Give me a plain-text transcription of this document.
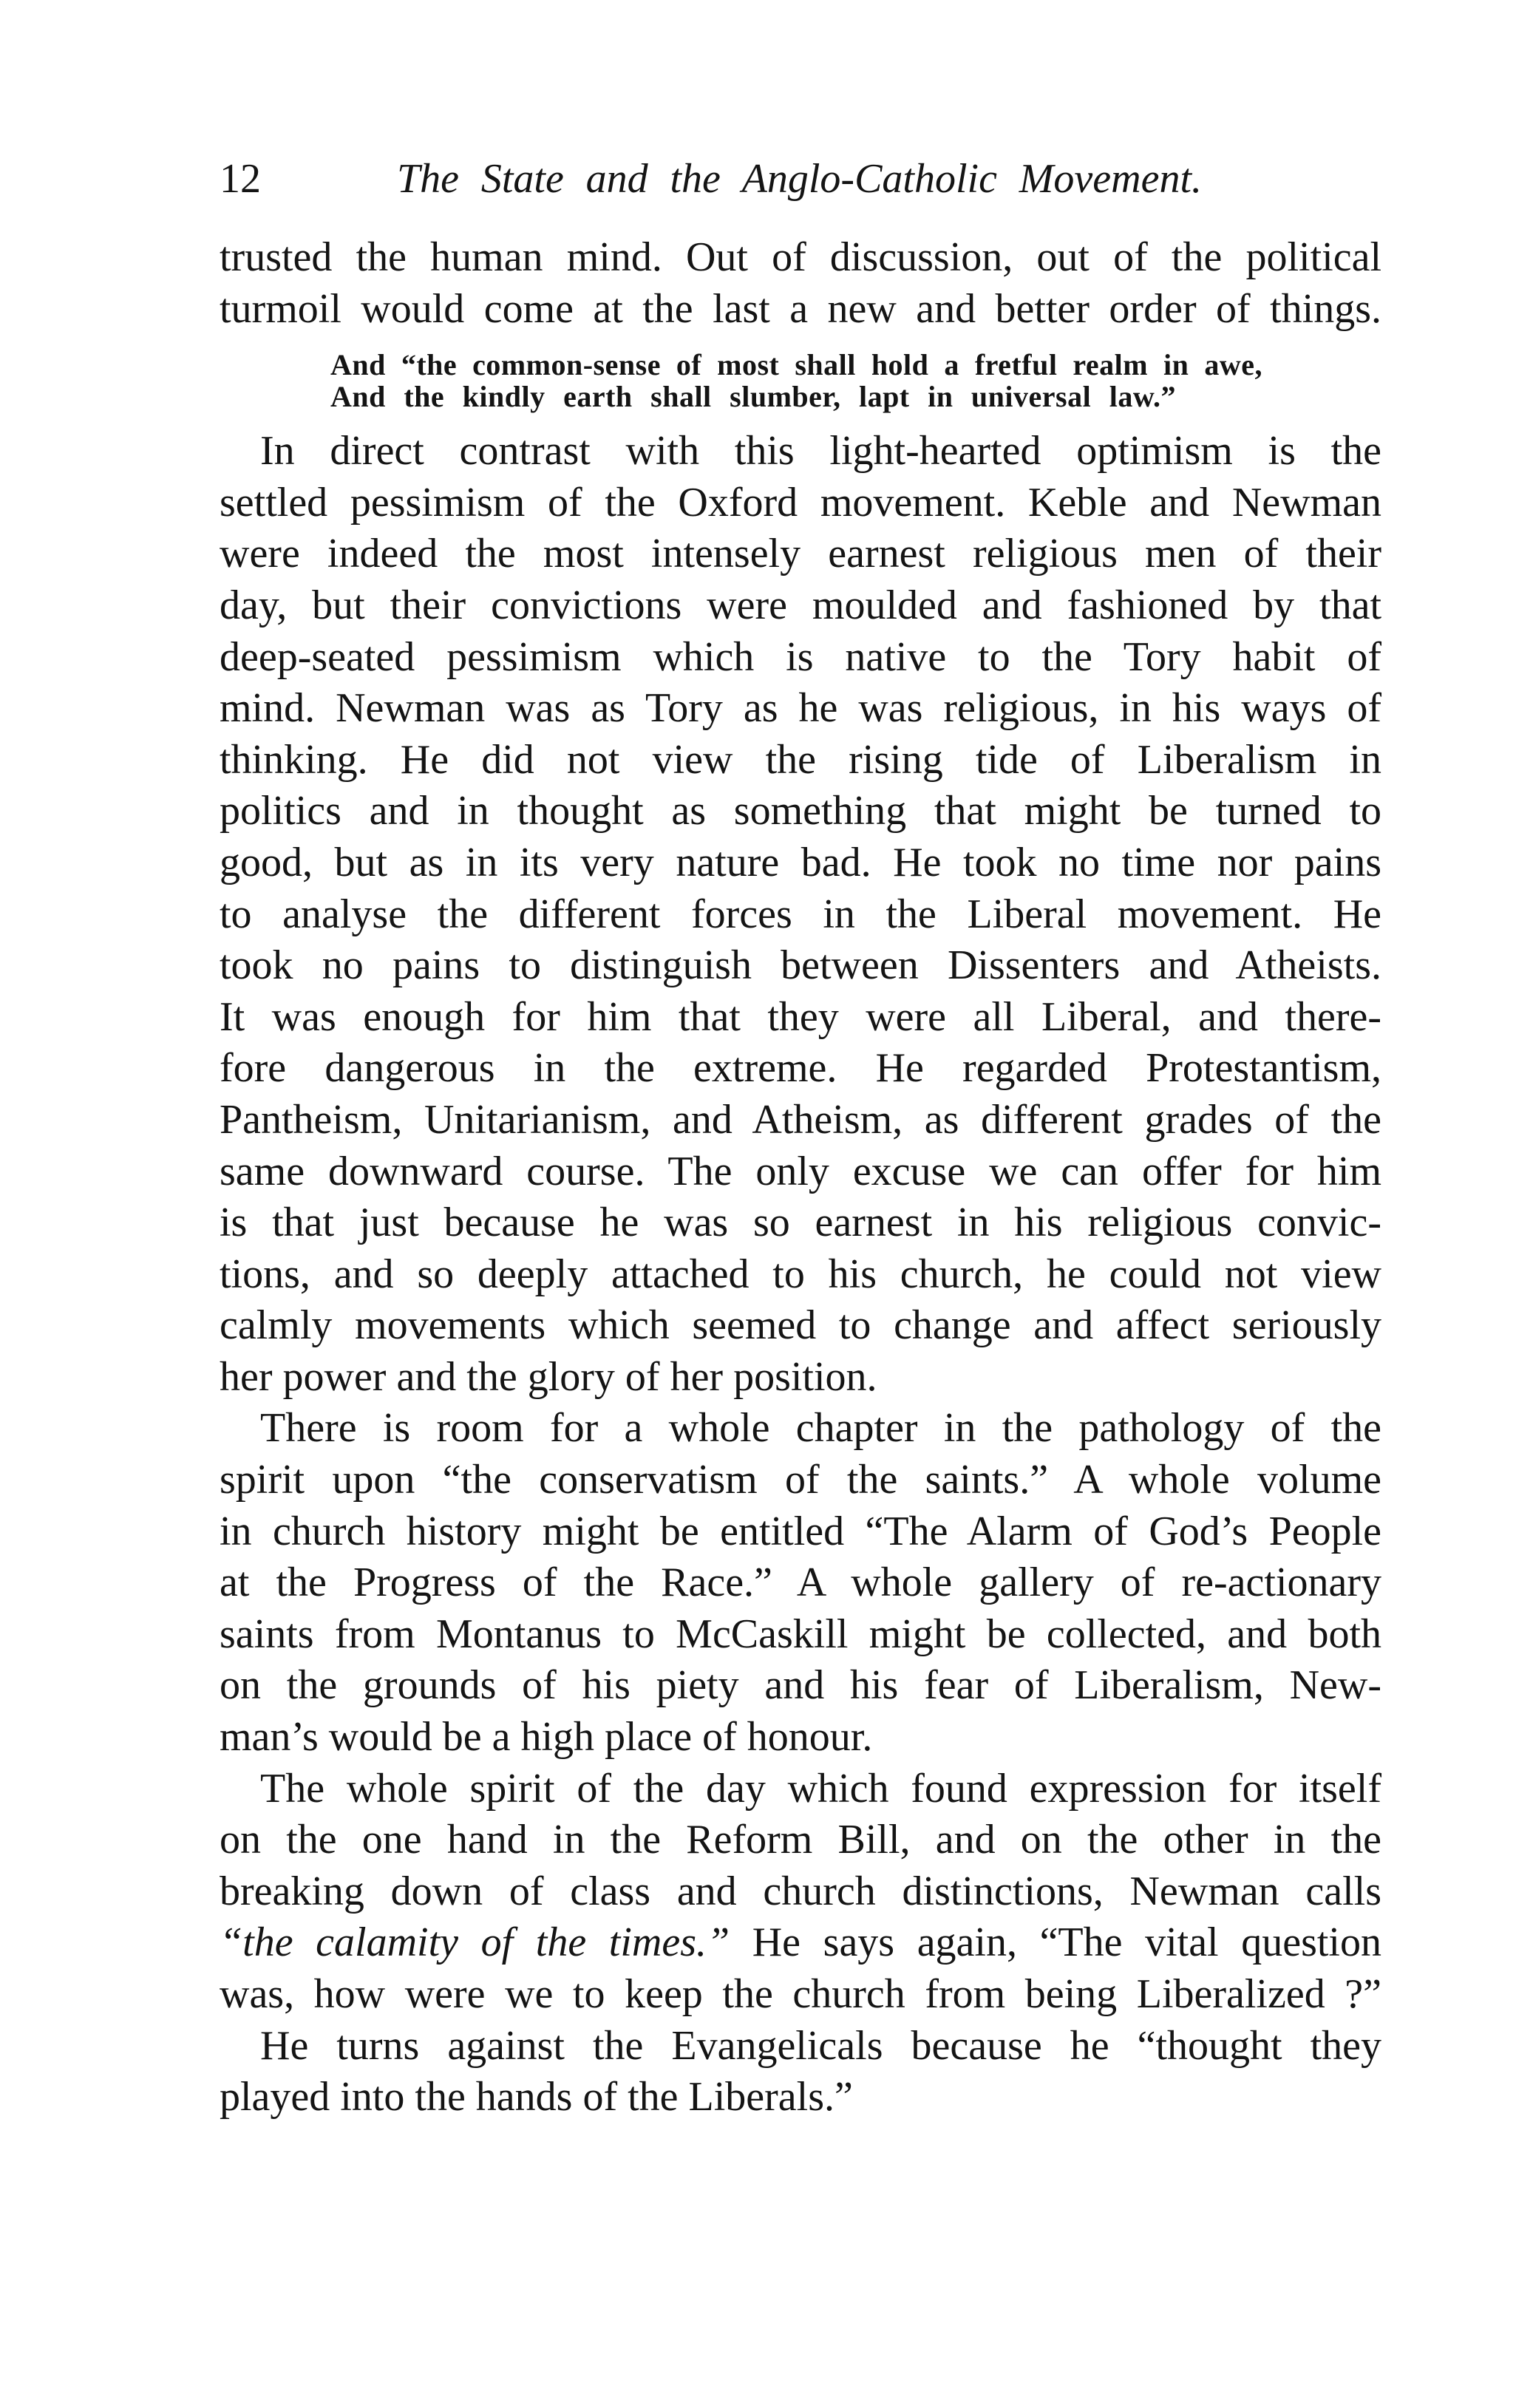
12	The State and the Anglo-Catholic Movement.
trusted the human mind. Out of discussion, out of the political
turmoil would come at the last a new and better order of things.
And “the common-sense of most shall hold a fretful realm in awe,
And the kindly earth shall slumber, lapt in universal law.”
In direct contrast with this light-hearted optimism is the
settled pessimism of the Oxford movement. Keble and Newman
were indeed the most intensely earnest religious men of their
day, but their convictions were moulded and fashioned by that
deep-seated pessimism which is native to the Tory habit of
mind. Newman was as Tory as he was religious, in his ways of
thinking. He did not view the rising tide of Liberalism in
politics and in thought as something that might be turned to
good, but as in its very nature bad. He took no time nor pains
to analyse the different forces in the Liberal movement. He
took no pains to distinguish between Dissenters and Atheists.
It was enough for him that they were all Liberal, and there-
fore dangerous in the extreme. He regarded Protestantism,
Pantheism, Unitarianism, and Atheism, as different grades of the
same downward course. The only excuse we can offer for him
is that just because he was so earnest in his religious convic-
tions, and so deeply attached to his church, he could not view
calmly movements which seemed to change and affect seriously
her power and the glory of her position.
There is room for a whole chapter in the pathology of the
spirit upon “the conservatism of the saints.” A whole volume
in church history might be entitled “The Alarm of God’s People
at the Progress of the Race.” A whole gallery of re-actionary
saints from Montanus to McCaskill might be collected, and both
on the grounds of his piety and his fear of Liberalism, New-
man’s would be a high place of honour.
The whole spirit of the day which found expression for itself
on the one hand in the Reform Bill, and on the other in the
breaking down of class and church distinctions, Newman calls
“the calamity of the times.” He says again, “The vital question
was, how were we to keep the church from being Liberalized ?”
He turns against the Evangelicals because he “thought they
played into the hands of the Liberals.”
